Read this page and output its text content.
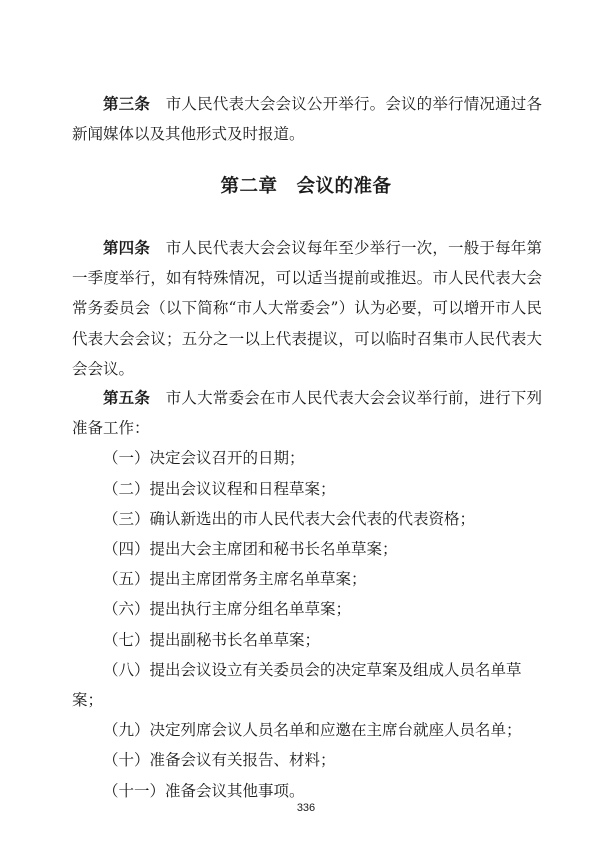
第三条　 市人民代表大会会议公开举行。会议的举行情况通过各新闻媒体以及其他形式及时报道。

第二章　会议的准备

第四条　 市人民代表大会会议每年至少举行一次，一般于每年第一季度举行，如有特殊情况，可以适当提前或推迟。市人民代表大会常务委员会（以下简称“市人大常委会”）认为必要，可以增开市人民代表大会会议；五分之一以上代表提议，可以临时召集市人民代表大会会议。

第五条　 市人大常委会在市人民代表大会会议举行前，进行下列准备工作：

（一）决定会议召开的日期；

（二）提出会议议程和日程草案；

（三）确认新选出的市人民代表大会代表的代表资格；

（四）提出大会主席团和秘书长名单草案；

（五）提出主席团常务主席名单草案；

（六）提出执行主席分组名单草案；

（七）提出副秘书长名单草案；

（八）提出会议设立有关委员会的决定草案及组成人员名单草案；

（九）决定列席会议人员名单和应邀在主席台就座人员名单；

（十）准备会议有关报告、材料；

（十一）准备会议其他事项。

336
